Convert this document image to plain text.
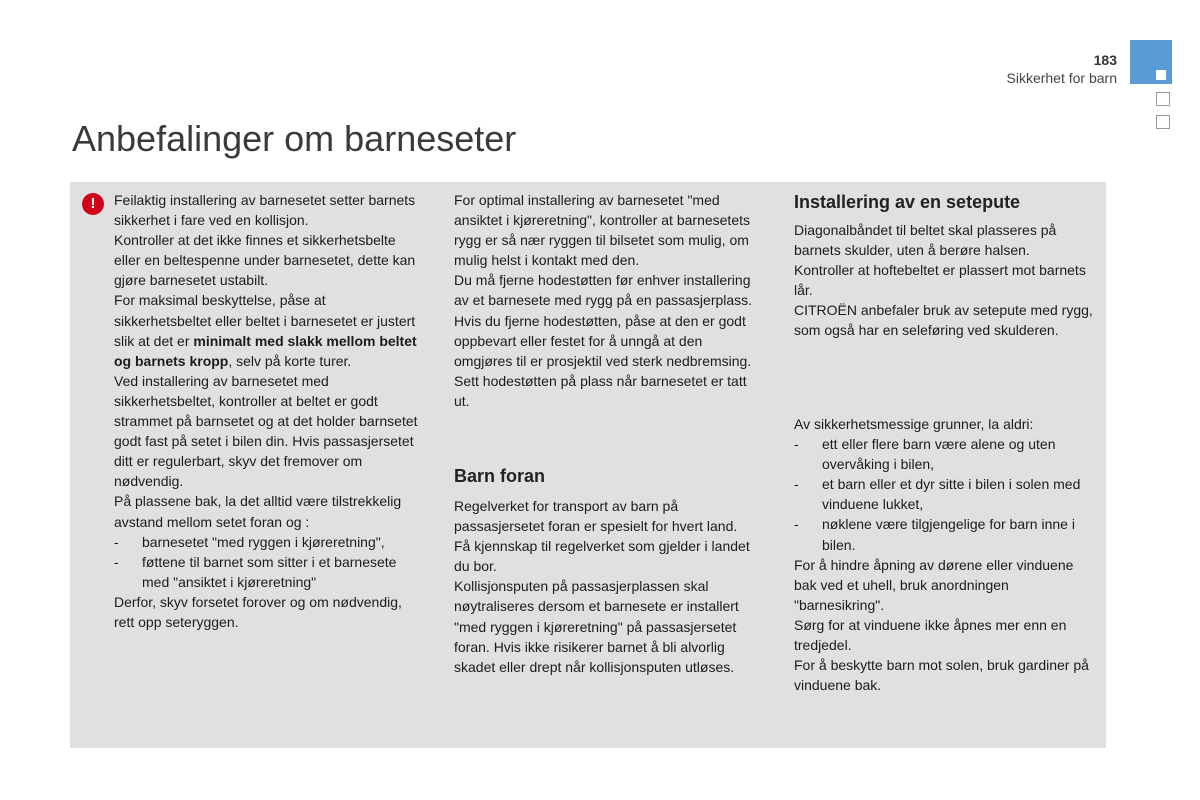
183
Sikkerhet for barn
Anbefalinger om barneseter
!	Feilaktig installering av barnesetet setter barnets sikkerhet i fare ved en kollisjon.

Kontroller at det ikke finnes et sikkerhetsbelte eller en beltespenne under barnesetet, dette kan gjøre barnesetet ustabilt.

For maksimal beskyttelse, påse at sikkerhetsbeltet eller beltet i barnesetet er justert slik at det er minimalt med slakk mellom beltet og barnets kropp, selv på korte turer.

Ved installering av barnesetet med sikkerhetsbeltet, kontroller at beltet er godt strammet på barnsetet og at det holder barnsetet godt fast på setet i bilen din. Hvis passasjersetet ditt er regulerbart, skyv det fremover om nødvendig.

På plassene bak, la det alltid være tilstrekkelig avstand mellom setet foran og :

-	barnesetet "med ryggen i kjøreretning",
-	føttene til barnet som sitter i et barnesete med "ansiktet i kjøreretning"

Derfor, skyv forsetet forover og om nødvendig, rett opp seteryggen.

For optimal installering av barnesetet "med ansiktet i kjøreretning", kontroller at barnesetets rygg er så nær ryggen til bilsetet som mulig, om mulig helst i kontakt med den.

Du må fjerne hodestøtten før enhver installering av et barnesete med rygg på en passasjerplass. Hvis du fjerne hodestøtten, påse at den er godt oppbevart eller festet for å unngå at den omgjøres til er prosjektil ved sterk nedbremsing. Sett hodestøtten på plass når barnesetet er tatt ut.

Barn foran

Regelverket for transport av barn på passasjersetet foran er spesielt for hvert land.

Få kjennskap til regelverket som gjelder i landet du bor.

Kollisjonsputen på passasjerplassen skal nøytraliseres dersom et barnesete er installert "med ryggen i kjøreretning" på passasjersetet foran. Hvis ikke risikerer barnet å bli alvorlig skadet eller drept når kollisjonsputen utløses.

Installering av en setepute

Diagonalbåndet til beltet skal plasseres på barnets skulder, uten å berøre halsen.

Kontroller at hoftebeltet er plassert mot barnets lår.

CITROËN anbefaler bruk av setepute med rygg, som også har en seleføring ved skulderen.

Av sikkerhetsmessige grunner, la aldri:

-	ett eller flere barn være alene og uten overvåking i bilen,
-	et barn eller et dyr sitte i bilen i solen med vinduene lukket,
-	nøklene være tilgjengelige for barn inne i bilen.

For å hindre åpning av dørene eller vinduene bak ved et uhell, bruk anordningen "barnesikring".

Sørg for at vinduene ikke åpnes mer enn en tredjedel.

For å beskytte barn mot solen, bruk gardiner på vinduene bak.
